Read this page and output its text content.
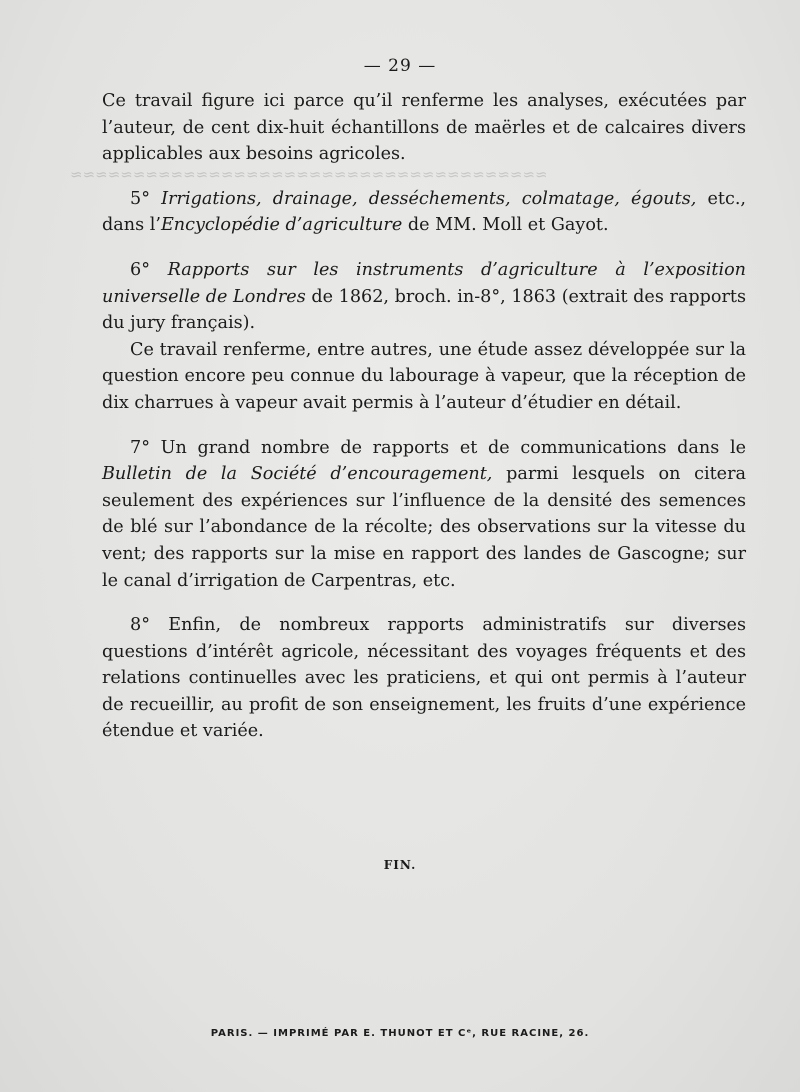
≈≈≈≈≈≈≈≈≈≈≈≈≈≈≈≈≈≈≈≈≈≈≈≈≈≈≈≈≈≈≈≈≈≈≈≈≈≈
— 29 —

Ce travail figure ici parce qu’il renferme les analyses, exécutées par l’auteur, de cent dix-huit échantillons de maërles et de calcaires divers applicables aux besoins agricoles.

5° Irrigations, drainage, desséchements, colmatage, égouts, etc., dans l’Encyclopédie d’agriculture de MM. Moll et Gayot.

6° Rapports sur les instruments d’agriculture à l’exposition universelle de Londres de 1862, broch. in-8°, 1863 (extrait des rapports du jury français).

Ce travail renferme, entre autres, une étude assez développée sur la question encore peu connue du labourage à vapeur, que la réception de dix charrues à vapeur avait permis à l’auteur d’étudier en détail.

7° Un grand nombre de rapports et de communications dans le Bulletin de la Société d’encouragement, parmi lesquels on citera seulement des expériences sur l’influence de la densité des semences de blé sur l’abondance de la récolte; des observations sur la vitesse du vent; des rapports sur la mise en rapport des landes de Gascogne; sur le canal d’irrigation de Carpentras, etc.

8° Enfin, de nombreux rapports administratifs sur diverses questions d’intérêt agricole, nécessitant des voyages fréquents et des relations continuelles avec les praticiens, et qui ont permis à l’auteur de recueillir, au profit de son enseignement, les fruits d’une expérience étendue et variée.

FIN.
PARIS. — IMPRIMÉ PAR E. THUNOT ET Cᵉ, RUE RACINE, 26.
